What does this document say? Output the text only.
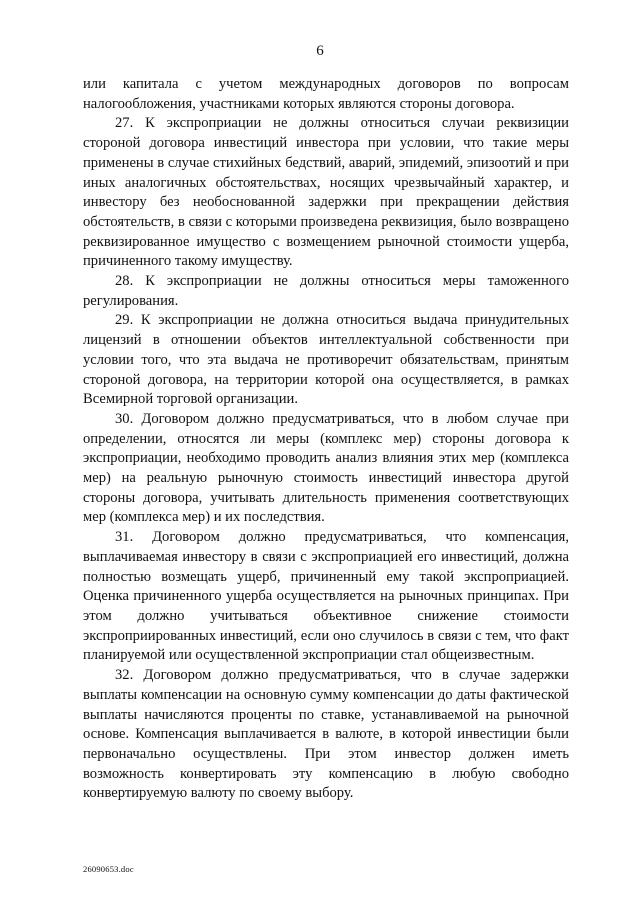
6

или капитала с учетом международных договоров по вопросам налогообложения, участниками которых являются стороны договора.

27. К экспроприации не должны относиться случаи реквизиции стороной договора инвестиций инвестора при условии, что такие меры применены в случае стихийных бедствий, аварий, эпидемий, эпизоотий и при иных аналогичных обстоятельствах, носящих чрезвычайный характер, и инвестору без необоснованной задержки при прекращении действия обстоятельств, в связи с которыми произведена реквизиция, было возвращено реквизированное имущество с возмещением рыночной стоимости ущерба, причиненного такому имуществу.

28. К экспроприации не должны относиться меры таможенного регулирования.

29. К экспроприации не должна относиться выдача принудительных лицензий в отношении объектов интеллектуальной собственности при условии того, что эта выдача не противоречит обязательствам, принятым стороной договора, на территории которой она осуществляется, в рамках Всемирной торговой организации.

30. Договором должно предусматриваться, что в любом случае при определении, относятся ли меры (комплекс мер) стороны договора к экспроприации, необходимо проводить анализ влияния этих мер (комплекса мер) на реальную рыночную стоимость инвестиций инвестора другой стороны договора, учитывать длительность применения соответствующих мер (комплекса мер) и их последствия.

31. Договором должно предусматриваться, что компенсация, выплачиваемая инвестору в связи с экспроприацией его инвестиций, должна полностью возмещать ущерб, причиненный ему такой экспроприацией. Оценка причиненного ущерба осуществляется на рыночных принципах. При этом должно учитываться объективное снижение стоимости экспроприированных инвестиций, если оно случилось в связи с тем, что факт планируемой или осуществленной экспроприации стал общеизвестным.

32. Договором должно предусматриваться, что в случае задержки выплаты компенсации на основную сумму компенсации до даты фактической выплаты начисляются проценты по ставке, устанавливаемой на рыночной основе. Компенсация выплачивается в валюте, в которой инвестиции были первоначально осуществлены. При этом инвестор должен иметь возможность конвертировать эту компенсацию в любую свободно конвертируемую валюту по своему выбору.

26090653.doc
